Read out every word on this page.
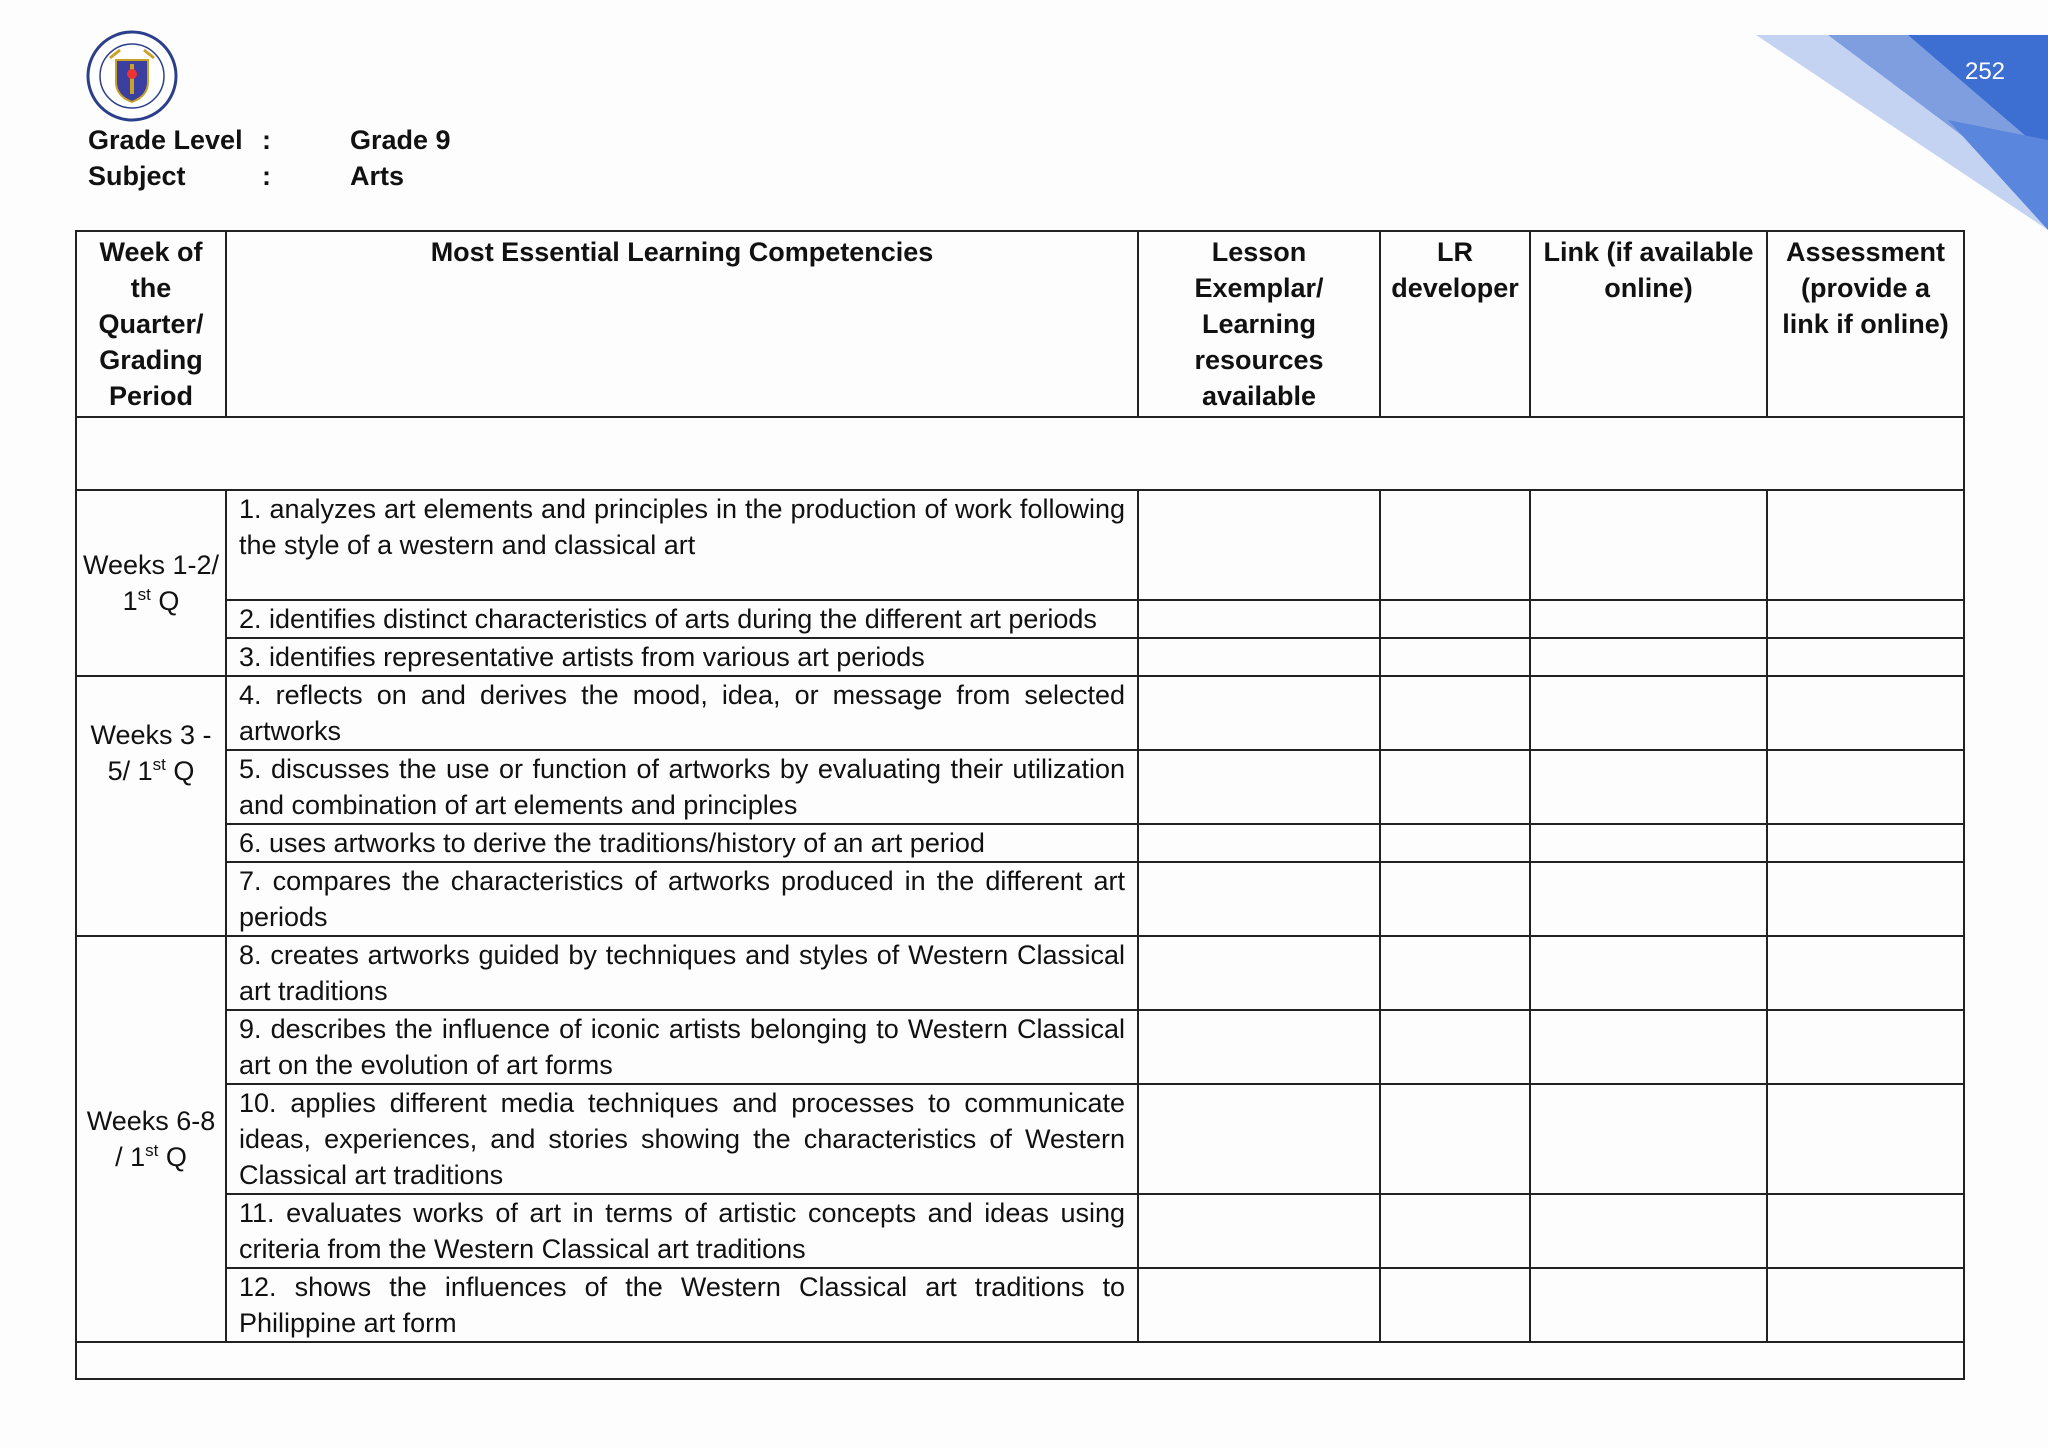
252
Grade Level :	Grade 9
Subject	:	Arts
Week of the Quarter/ Grading Period	Most Essential Learning Competencies	Lesson Exemplar/ Learning resources available	LR developer	Link (if available online)	Assessment (provide a link if online)

Weeks 1-2/ 1st Q	1. analyzes art elements and principles in the production of work following the style of a western and classical art				
	2. identifies distinct characteristics of arts during the different art periods				
	3. identifies representative artists from various art periods				
Weeks 3 - 5/ 1st Q	4. reflects on and derives the mood, idea, or message from selected artworks				
	5. discusses the use or function of artworks by evaluating their utilization and combination of art elements and principles				
	6. uses artworks to derive the traditions/history of an art period				
	7. compares the characteristics of artworks produced in the different art periods				
Weeks 6-8 / 1st Q	8. creates artworks guided by techniques and styles of Western Classical art traditions				
	9. describes the influence of iconic artists belonging to Western Classical art on the evolution of art forms				
	10. applies different media techniques and processes to communicate ideas, experiences, and stories showing the characteristics of Western Classical art traditions				
	11. evaluates works of art in terms of artistic concepts and ideas using criteria from the Western Classical art traditions				
	12. shows the influences of the Western Classical art traditions to Philippine art form				
